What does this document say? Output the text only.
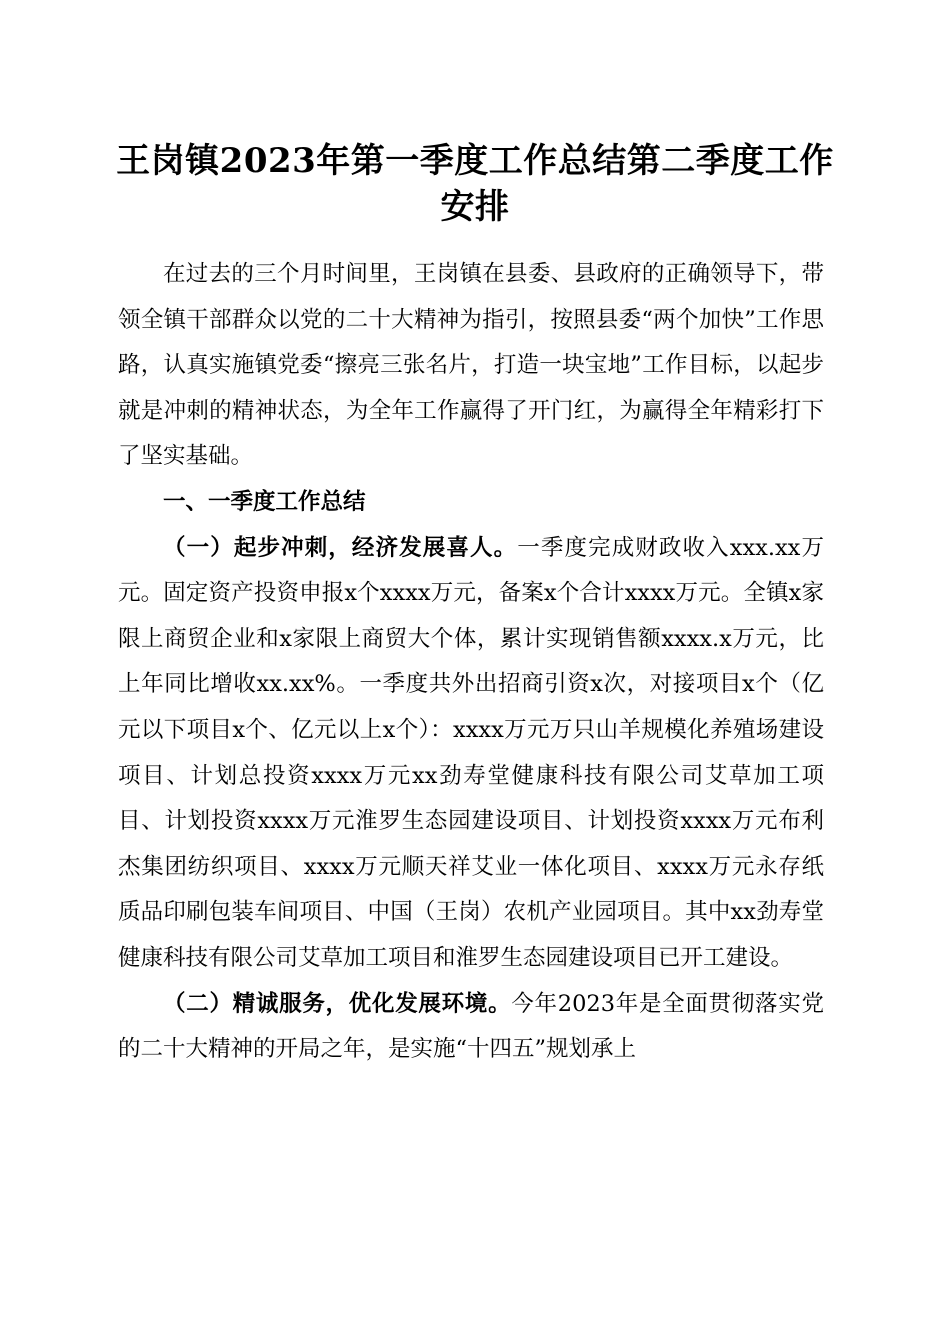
王岗镇2023年第一季度工作总结第二季度工作安排

在过去的三个月时间里，王岗镇在县委、县政府的正确领导下，带领全镇干部群众以党的二十大精神为指引，按照县委“两个加快”工作思路，认真实施镇党委“擦亮三张名片，打造一块宝地”工作目标，以起步就是冲刺的精神状态，为全年工作赢得了开门红，为赢得全年精彩打下了坚实基础。

一、一季度工作总结

（一）起步冲刺，经济发展喜人。一季度完成财政收入xxx.xx万元。固定资产投资申报x个xxxx万元，备案x个合计xxxx万元。全镇x家限上商贸企业和x家限上商贸大个体，累计实现销售额xxxx.x万元，比上年同比增收xx.xx%。一季度共外出招商引资x次，对接项目x个（亿元以下项目x个、亿元以上x个）：xxxx万元万只山羊规模化养殖场建设项目、计划总投资xxxx万元xx劲寿堂健康科技有限公司艾草加工项目、计划投资xxxx万元淮罗生态园建设项目、计划投资xxxx万元布利杰集团纺织项目、xxxx万元顺天祥艾业一体化项目、xxxx万元永存纸质品印刷包装车间项目、中国（王岗）农机产业园项目。其中xx劲寿堂健康科技有限公司艾草加工项目和淮罗生态园建设项目已开工建设。

（二）精诚服务，优化发展环境。今年2023年是全面贯彻落实党的二十大精神的开局之年，是实施“十四五”规划承上
